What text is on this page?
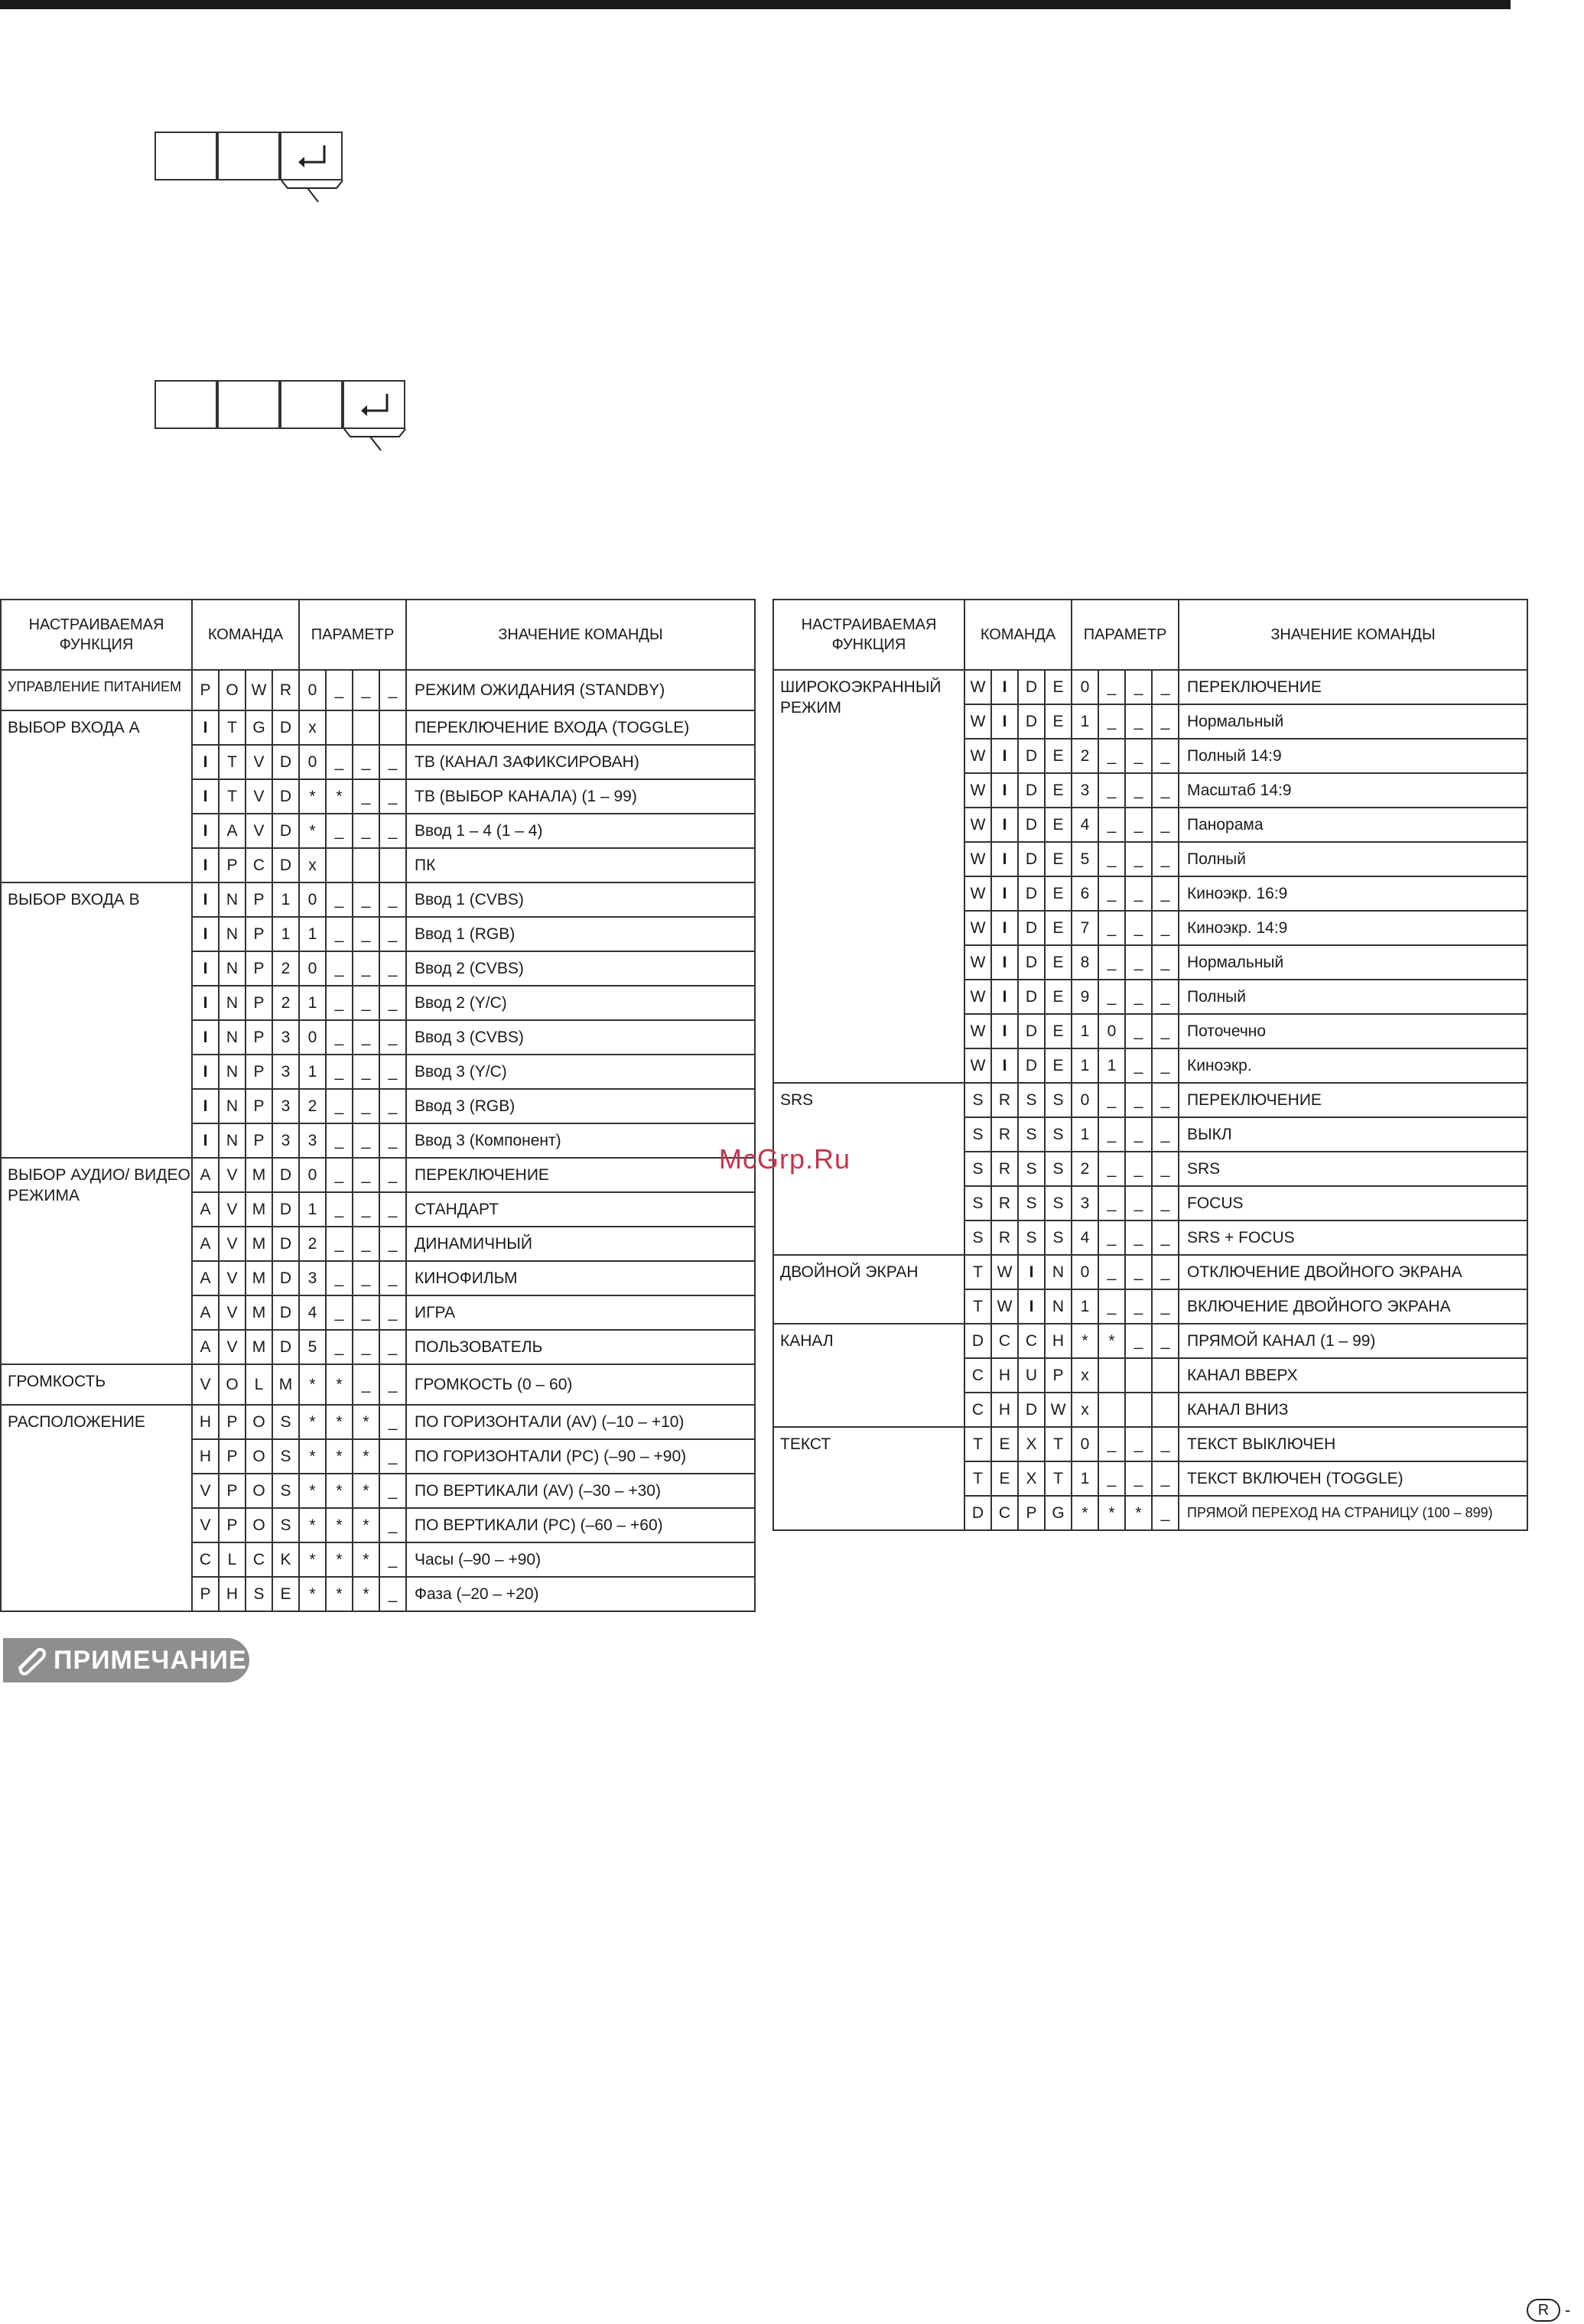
НАСТРАИВАЕМАЯ ФУНКЦИЯ	КОМАНДА				ПАРАМЕТР				ЗНАЧЕНИЕ КОМАНДЫ
УПРАВЛЕНИЕ ПИТАНИЕМ	P	O	W	R	0	_	_	_	РЕЖИМ ОЖИДАНИЯ (STANDBY)
ВЫБОР ВХОДА А	I	T	G	D	x				ПЕРЕКЛЮЧЕНИЕ ВХОДА (TOGGLE)
	I	T	V	D	0	_	_	_	ТВ (КАНАЛ ЗАФИКСИРОВАН)
	I	T	V	D	*	*	_	_	ТВ (ВЫБОР КАНАЛА) (1 – 99)
	I	A	V	D	*	_	_	_	Ввод 1 – 4 (1 – 4)
	I	P	C	D	x				ПК
ВЫБОР ВХОДА В	I	N	P	1	0	_	_	_	Ввод 1 (CVBS)
	I	N	P	1	1	_	_	_	Ввод 1 (RGB)
	I	N	P	2	0	_	_	_	Ввод 2 (CVBS)
	I	N	P	2	1	_	_	_	Ввод 2 (Y/C)
	I	N	P	3	0	_	_	_	Ввод 3 (CVBS)
	I	N	P	3	1	_	_	_	Ввод 3 (Y/C)
	I	N	P	3	2	_	_	_	Ввод 3 (RGB)
	I	N	P	3	3	_	_	_	Ввод 3 (Компонент)
ВЫБОР АУДИО/ ВИДЕО РЕЖИМА	A	V	M	D	0	_	_	_	ПЕРЕКЛЮЧЕНИЕ
	A	V	M	D	1	_	_	_	СТАНДАРТ
	A	V	M	D	2	_	_	_	ДИНАМИЧНЫЙ
	A	V	M	D	3	_	_	_	КИНОФИЛЬМ
	A	V	M	D	4	_	_	_	ИГРА
	A	V	M	D	5	_	_	_	ПОЛЬЗОВАТЕЛЬ
ГРОМКОСТЬ	V	O	L	M	*	*	_	_	ГРОМКОСТЬ (0 – 60)
РАСПОЛОЖЕНИЕ	H	P	O	S	*	*	*	_	ПО ГОРИЗОНТАЛИ (AV) (–10 – +10)
	H	P	O	S	*	*	*	_	ПО ГОРИЗОНТАЛИ (PC) (–90 – +90)
	V	P	O	S	*	*	*	_	ПО ВЕРТИКАЛИ (AV) (–30 – +30)
	V	P	O	S	*	*	*	_	ПО ВЕРТИКАЛИ (PC) (–60 – +60)
	C	L	C	K	*	*	*	_	Часы (–90 – +90)
	P	H	S	E	*	*	*	_	Фаза (–20 – +20)
НАСТРАИВАЕМАЯ ФУНКЦИЯ	КОМАНДА				ПАРАМЕТР				ЗНАЧЕНИЕ КОМАНДЫ
ШИРОКОЭКРАННЫЙ РЕЖИМ	W	I	D	E	0	_	_	_	ПЕРЕКЛЮЧЕНИЕ
	W	I	D	E	1	_	_	_	Нормальный
	W	I	D	E	2	_	_	_	Полный 14:9
	W	I	D	E	3	_	_	_	Масштаб 14:9
	W	I	D	E	4	_	_	_	Панорама
	W	I	D	E	5	_	_	_	Полный
	W	I	D	E	6	_	_	_	Киноэкр. 16:9
	W	I	D	E	7	_	_	_	Киноэкр. 14:9
	W	I	D	E	8	_	_	_	Нормальный
	W	I	D	E	9	_	_	_	Полный
	W	I	D	E	1	0	_	_	Поточечно
	W	I	D	E	1	1	_	_	Киноэкр.
SRS	S	R	S	S	0	_	_	_	ПЕРЕКЛЮЧЕНИЕ
	S	R	S	S	1	_	_	_	ВЫКЛ
	S	R	S	S	2	_	_	_	SRS
	S	R	S	S	3	_	_	_	FOCUS
	S	R	S	S	4	_	_	_	SRS + FOCUS
ДВОЙНОЙ ЭКРАН	T	W	I	N	0	_	_	_	ОТКЛЮЧЕНИЕ ДВОЙНОГО ЭКРАНА
	T	W	I	N	1	_	_	_	ВКЛЮЧЕНИЕ ДВОЙНОГО ЭКРАНА
КАНАЛ	D	C	C	H	*	*	_	_	ПРЯМОЙ КАНАЛ (1 – 99)
	C	H	U	P	x				КАНАЛ ВВЕРХ
	C	H	D	W	x				КАНАЛ ВНИЗ
ТЕКСТ	T	E	X	T	0	_	_	_	ТЕКСТ ВЫКЛЮЧЕН
	T	E	X	T	1	_	_	_	ТЕКСТ ВКЛЮЧЕН (TOGGLE)
	D	C	P	G	*	*	*	_	ПРЯМОЙ ПЕРЕХОД НА СТРАНИЦУ (100 – 899)
McGrp.Ru
ПРИМЕЧАНИЕ
R -
